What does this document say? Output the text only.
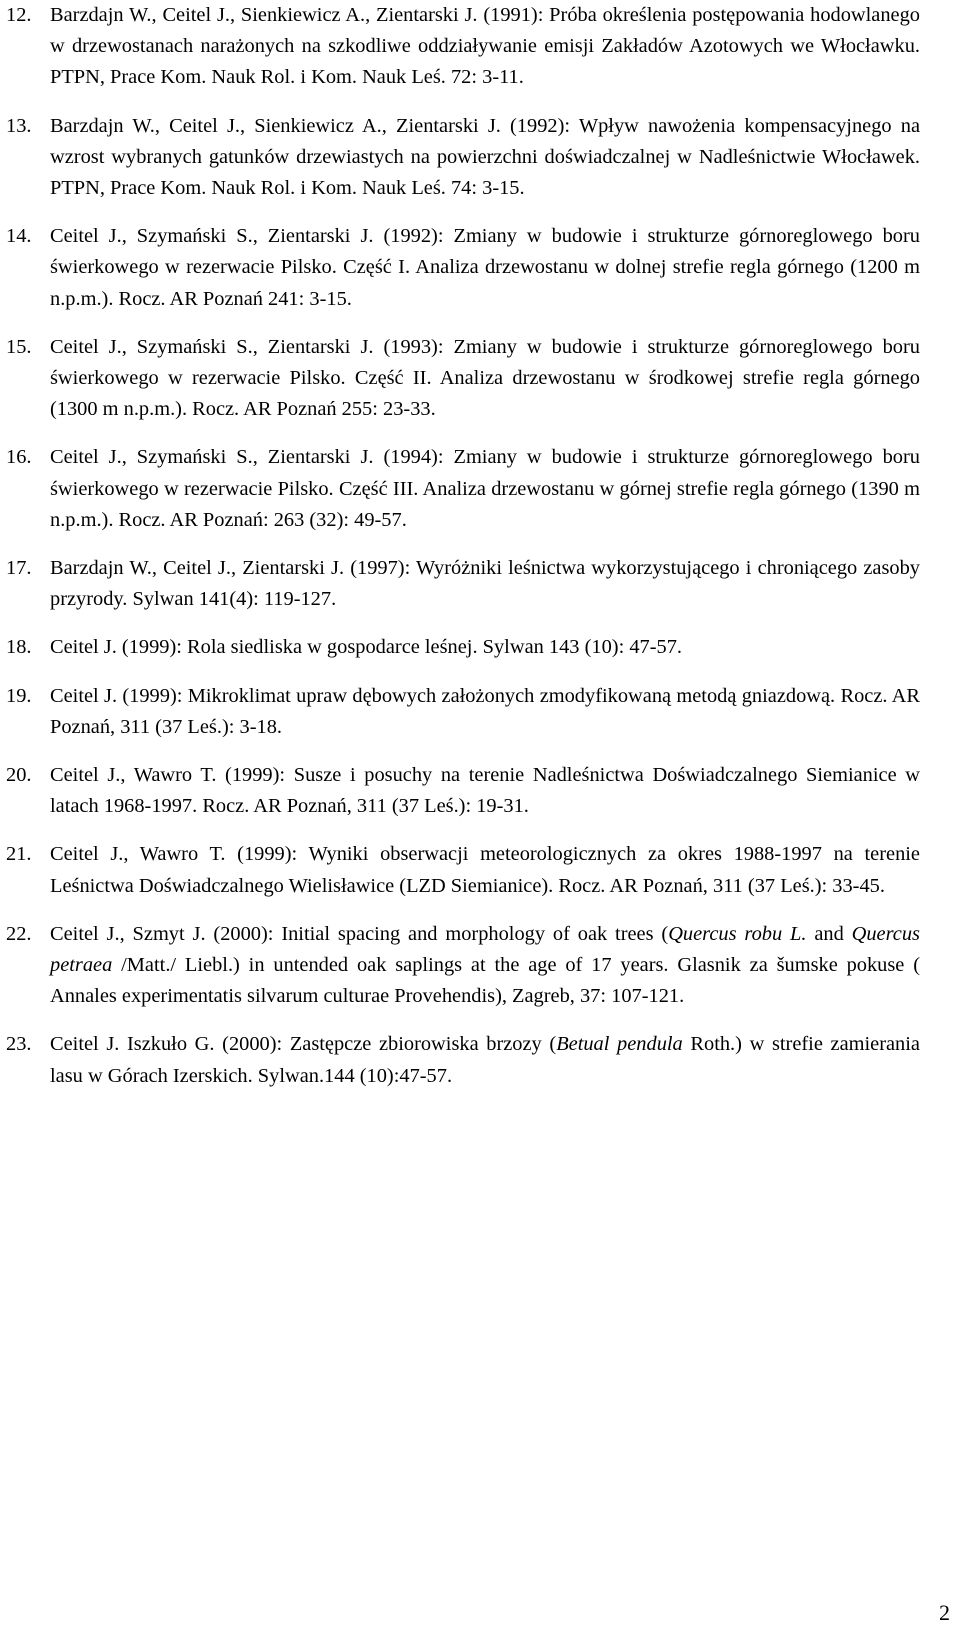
12. Barzdajn W., Ceitel J., Sienkiewicz A., Zientarski J. (1991): Próba określenia postępowania hodowlanego w drzewostanach narażonych na szkodliwe oddziaływanie emisji Zakładów Azotowych we Włocławku. PTPN, Prace Kom. Nauk Rol. i Kom. Nauk Leś. 72: 3-11.
13. Barzdajn W., Ceitel J., Sienkiewicz A., Zientarski J. (1992): Wpływ nawożenia kompensacyjnego na wzrost wybranych gatunków drzewiastych na powierzchni doświadczalnej w Nadleśnictwie Włocławek. PTPN, Prace Kom. Nauk Rol. i Kom. Nauk Leś. 74: 3-15.
14. Ceitel J., Szymański S., Zientarski J. (1992): Zmiany w budowie i strukturze górnoreglowego boru świerkowego w rezerwacie Pilsko. Część I. Analiza drzewostanu w dolnej strefie regla górnego (1200 m n.p.m.). Rocz. AR Poznań 241: 3-15.
15. Ceitel J., Szymański S., Zientarski J. (1993): Zmiany w budowie i strukturze górnoreglowego boru świerkowego w rezerwacie Pilsko. Część II. Analiza drzewostanu w środkowej strefie regla górnego (1300 m n.p.m.). Rocz. AR Poznań 255: 23-33.
16. Ceitel J., Szymański S., Zientarski J. (1994): Zmiany w budowie i strukturze górnoreglowego boru świerkowego w rezerwacie Pilsko. Część III. Analiza drzewostanu w górnej strefie regla górnego (1390 m n.p.m.). Rocz. AR Poznań: 263 (32): 49-57.
17. Barzdajn W., Ceitel J., Zientarski J. (1997): Wyróżniki leśnictwa wykorzystującego i chroniącego zasoby przyrody. Sylwan 141(4): 119-127.
18. Ceitel J. (1999): Rola siedliska w gospodarce leśnej. Sylwan 143 (10): 47-57.
19. Ceitel J. (1999): Mikroklimat upraw dębowych założonych zmodyfikowaną metodą gniazdową. Rocz. AR Poznań, 311 (37 Leś.): 3-18.
20. Ceitel J., Wawro T. (1999): Susze i posuchy na terenie Nadleśnictwa Doświadczalnego Siemianice w latach 1968-1997. Rocz. AR Poznań, 311 (37 Leś.): 19-31.
21. Ceitel J., Wawro T. (1999): Wyniki obserwacji meteorologicznych za okres 1988-1997 na terenie Leśnictwa Doświadczalnego Wielisławice (LZD Siemianice). Rocz. AR Poznań, 311 (37 Leś.): 33-45.
22. Ceitel J., Szmyt J. (2000): Initial spacing and morphology of oak trees (Quercus robu L. and Quercus petraea /Matt./ Liebl.) in untended oak saplings at the age of 17 years. Glasnik za šumske pokuse ( Annales experimentatis silvarum culturae Provehendis), Zagreb, 37: 107-121.
23. Ceitel J. Iszkuło G. (2000): Zastępcze zbiorowiska brzozy (Betual pendula Roth.) w strefie zamierania lasu w Górach Izerskich. Sylwan.144 (10):47-57.
2
